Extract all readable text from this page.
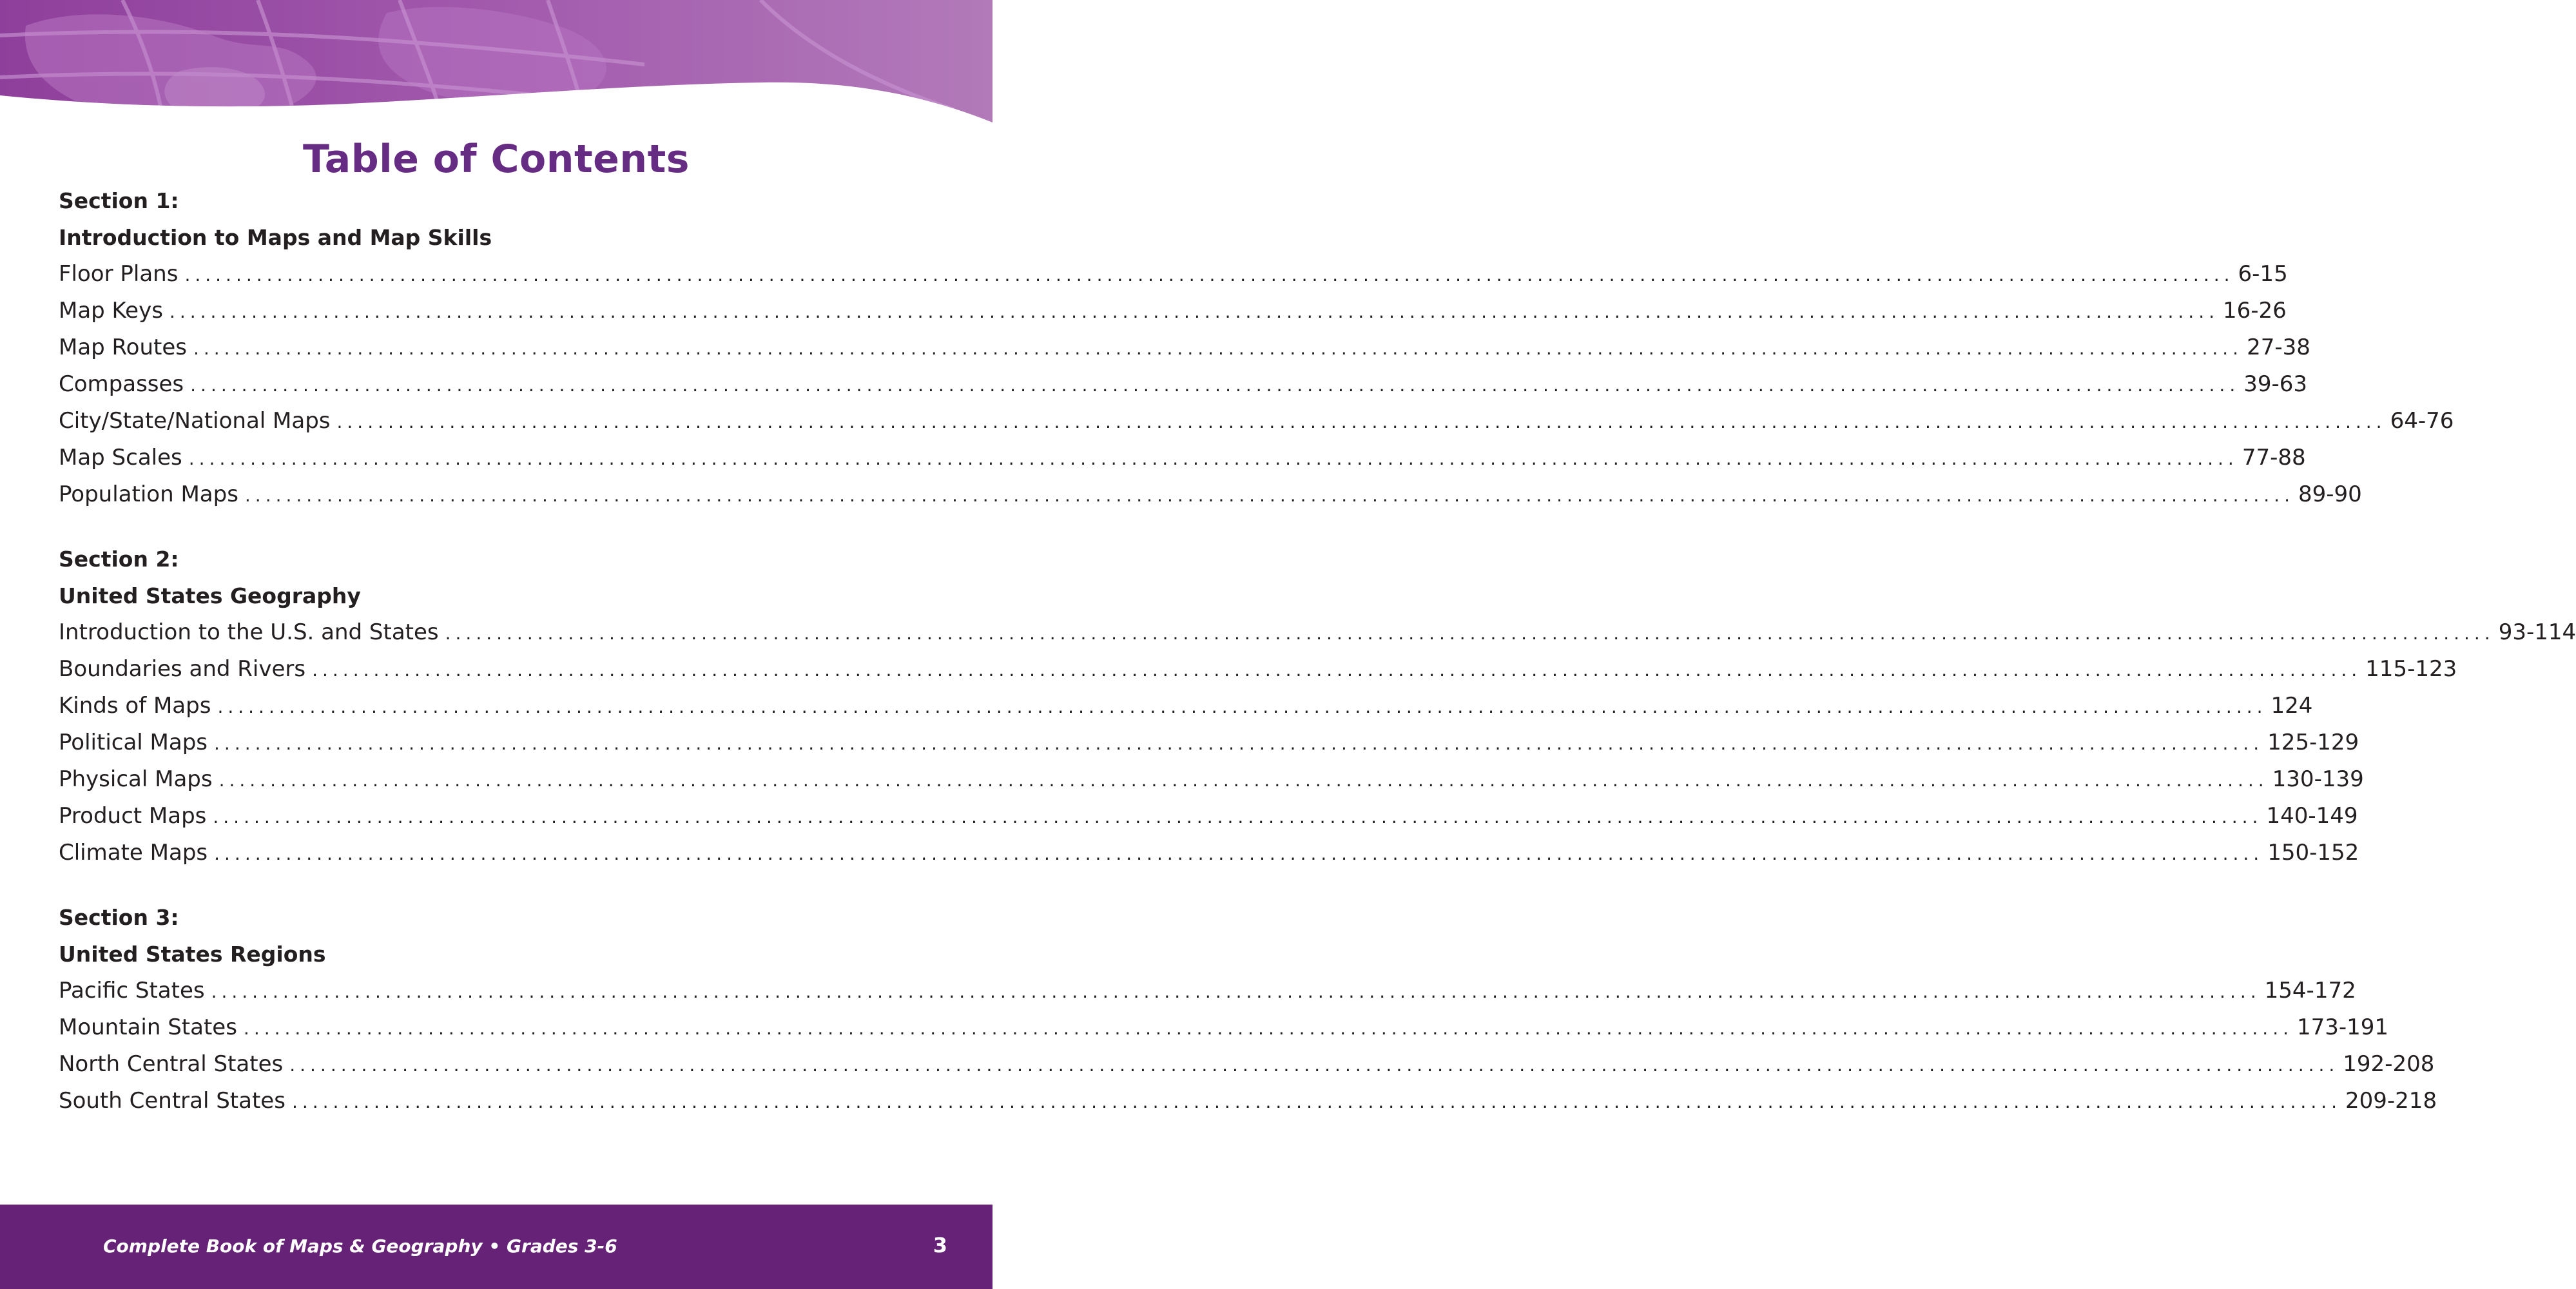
Table of Contents
Section 1:
Introduction to Maps and Map Skills
Floor Plans ........................................................................................................................................................................................................ 6-15
Map Keys ........................................................................................................................................................................................................ 16-26
Map Routes ........................................................................................................................................................................................................ 27-38
Compasses ........................................................................................................................................................................................................ 39-63
City/State/National Maps ........................................................................................................................................................................................................ 64-76
Map Scales ........................................................................................................................................................................................................ 77-88
Population Maps ........................................................................................................................................................................................................ 89-90
Section 2:
United States Geography
Introduction to the U.S. and States ........................................................................................................................................................................................................ 93-114
Boundaries and Rivers ........................................................................................................................................................................................................ 115-123
Kinds of Maps ........................................................................................................................................................................................................ 124
Political Maps ........................................................................................................................................................................................................ 125-129
Physical Maps ........................................................................................................................................................................................................ 130-139
Product Maps ........................................................................................................................................................................................................ 140-149
Climate Maps ........................................................................................................................................................................................................ 150-152
Section 3:
United States Regions
Pacific States ........................................................................................................................................................................................................ 154-172
Mountain States ........................................................................................................................................................................................................ 173-191
North Central States ........................................................................................................................................................................................................ 192-208
South Central States ........................................................................................................................................................................................................ 209-218
Complete Book of Maps & Geography • Grades 3-6	3
